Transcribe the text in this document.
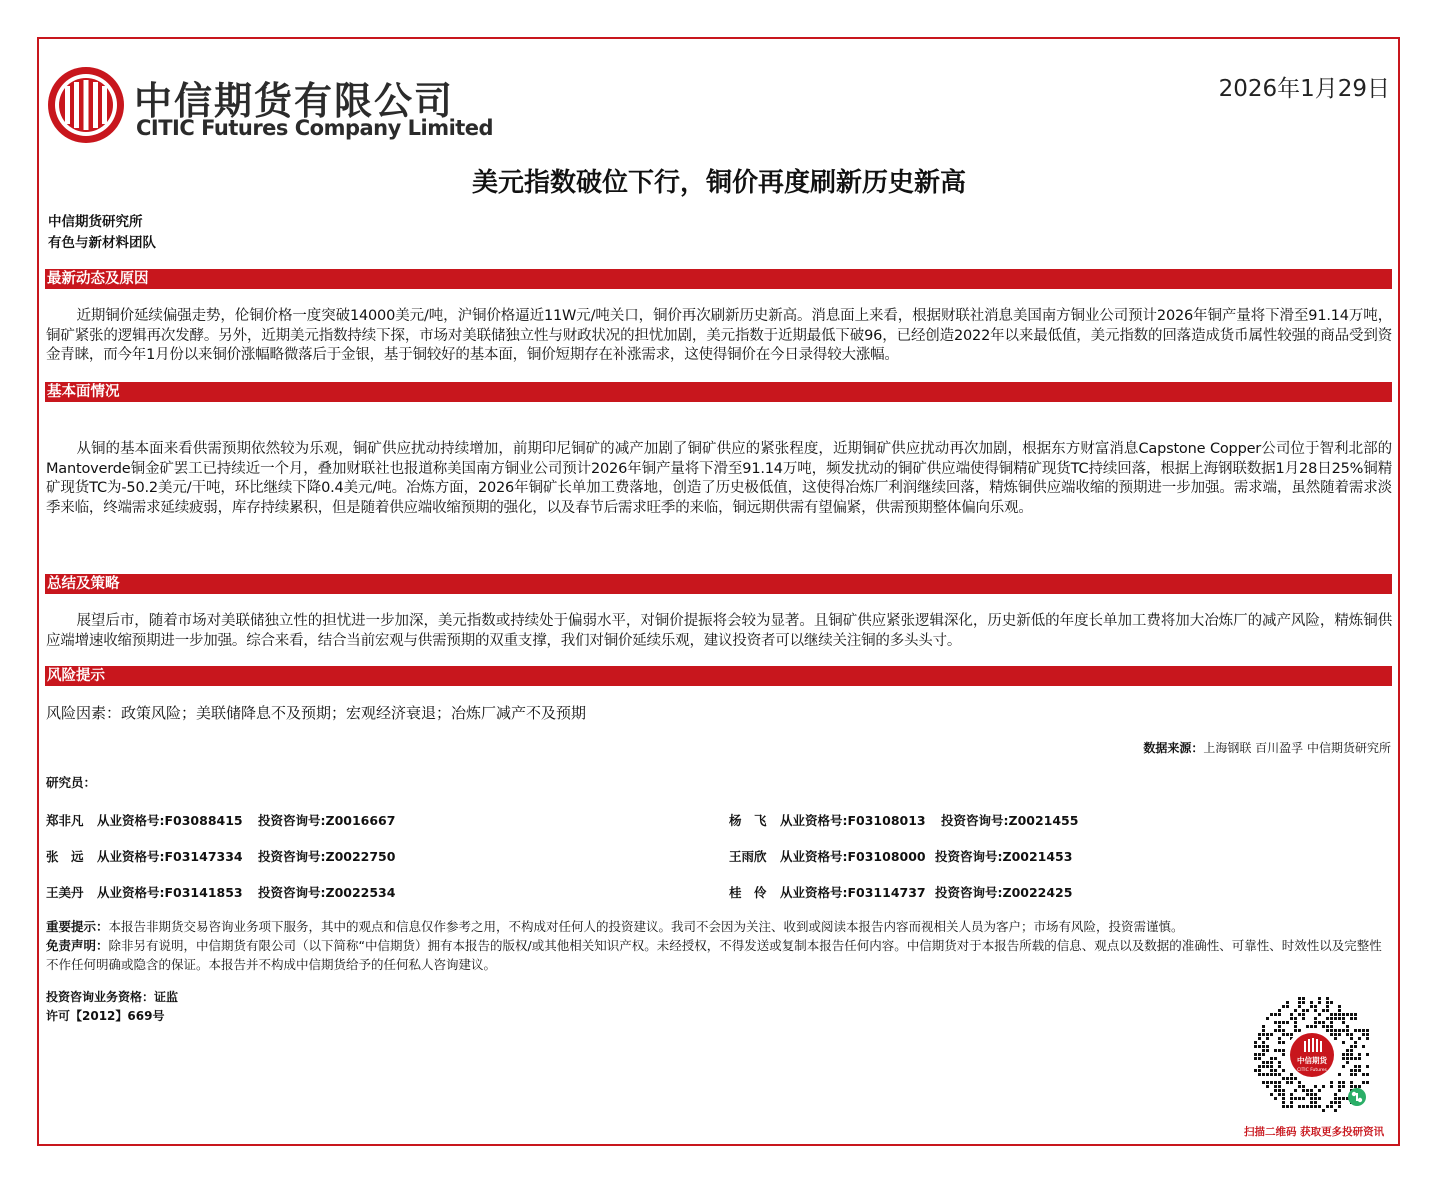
中信期货有限公司
CITIC Futures Company Limited
2026年1月29日
美元指数破位下行，铜价再度刷新历史新高
中信期货研究所
有色与新材料团队
最新动态及原因
近期铜价延续偏强走势，伦铜价格一度突破14000美元/吨，沪铜价格逼近11W元/吨关口，铜价再次刷新历史新高。消息面上来看，根据财联社消息美国南方铜业公司预计2026年铜产量将下滑至91.14万吨，铜矿紧张的逻辑再次发酵。另外，近期美元指数持续下探，市场对美联储独立性与财政状况的担忧加剧，美元指数于近期最低下破96，已经创造2022年以来最低值，美元指数的回落造成货币属性较强的商品受到资金青睐，而今年1月份以来铜价涨幅略微落后于金银，基于铜较好的基本面，铜价短期存在补涨需求，这使得铜价在今日录得较大涨幅。
基本面情况
从铜的基本面来看供需预期依然较为乐观，铜矿供应扰动持续增加，前期印尼铜矿的减产加剧了铜矿供应的紧张程度，近期铜矿供应扰动再次加剧，根据东方财富消息Capstone Copper公司位于智利北部的Mantoverde铜金矿罢工已持续近一个月，叠加财联社也报道称美国南方铜业公司预计2026年铜产量将下滑至91.14万吨，频发扰动的铜矿供应端使得铜精矿现货TC持续回落，根据上海钢联数据1月28日25%铜精矿现货TC为-50.2美元/干吨，环比继续下降0.4美元/吨。冶炼方面，2026年铜矿长单加工费落地，创造了历史极低值，这使得冶炼厂利润继续回落，精炼铜供应端收缩的预期进一步加强。需求端，虽然随着需求淡季来临，终端需求延续疲弱，库存持续累积，但是随着供应端收缩预期的强化，以及春节后需求旺季的来临，铜远期供需有望偏紧，供需预期整体偏向乐观。
总结及策略
展望后市，随着市场对美联储独立性的担忧进一步加深，美元指数或持续处于偏弱水平，对铜价提振将会较为显著。且铜矿供应紧张逻辑深化，历史新低的年度长单加工费将加大冶炼厂的减产风险，精炼铜供应端增速收缩预期进一步加强。综合来看，结合当前宏观与供需预期的双重支撑，我们对铜价延续乐观，建议投资者可以继续关注铜的多头头寸。
风险提示
风险因素：政策风险；美联储降息不及预期；宏观经济衰退；冶炼厂减产不及预期
数据来源：上海钢联 百川盈孚 中信期货研究所
研究员：
郑非凡 从业资格号:F03088415 投资咨询号:Z0016667
张　远 从业资格号:F03147334 投资咨询号:Z0022750
王美丹 从业资格号:F03141853 投资咨询号:Z0022534
杨　飞 从业资格号:F03108013 投资咨询号:Z0021455
王雨欣 从业资格号:F03108000 投资咨询号:Z0021453
桂　伶 从业资格号:F03114737 投资咨询号:Z0022425
重要提示：本报告非期货交易咨询业务项下服务，其中的观点和信息仅作参考之用，不构成对任何人的投资建议。我司不会因为关注、收到或阅读本报告内容而视相关人员为客户；市场有风险，投资需谨慎。
免责声明：除非另有说明，中信期货有限公司（以下简称“中信期货）拥有本报告的版权/或其他相关知识产权。未经授权，不得发送或复制本报告任何内容。中信期货对于本报告所载的信息、观点以及数据的准确性、可靠性、时效性以及完整性不作任何明确或隐含的保证。本报告并不构成中信期货给予的任何私人咨询建议。
投资咨询业务资格：证监
许可【2012】669号
中信期货
CITIC Futures
扫描二维码 获取更多投研资讯
